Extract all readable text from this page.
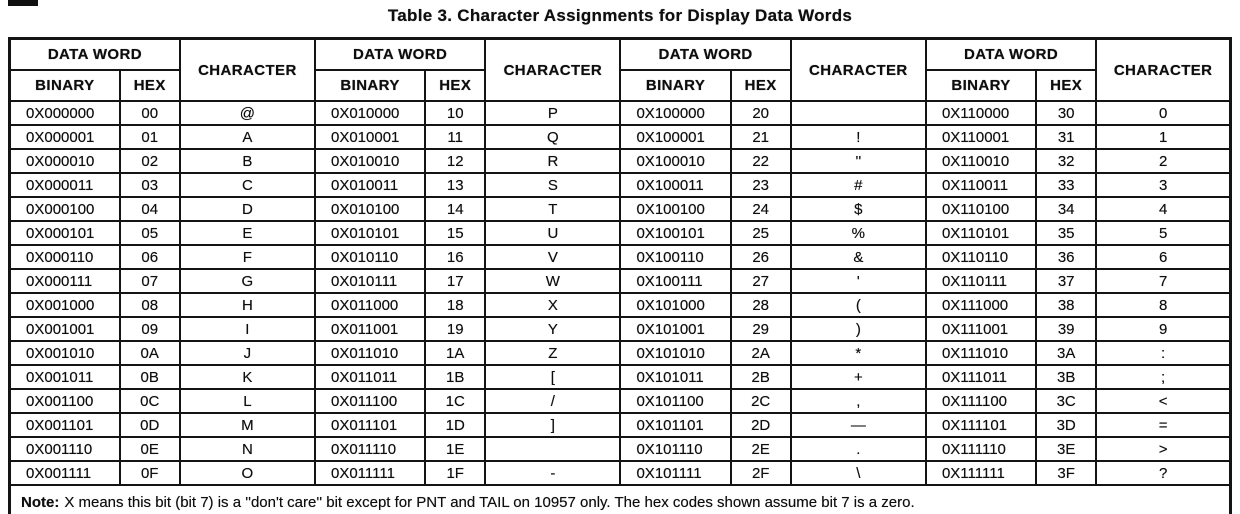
Table 3. Character Assignments for Display Data Words
DATA WORD		CHARACTER	DATA WORD		CHARACTER	DATA WORD		CHARACTER	DATA WORD		CHARACTER
BINARY	HEX		BINARY	HEX		BINARY	HEX		BINARY	HEX	
0X000000	00	@	0X010000	10	P	0X100000	20		0X110000	30	0
0X000001	01	A	0X010001	11	Q	0X100001	21	!	0X110001	31	1
0X000010	02	B	0X010010	12	R	0X100010	22	''	0X110010	32	2
0X000011	03	C	0X010011	13	S	0X100011	23	#	0X110011	33	3
0X000100	04	D	0X010100	14	T	0X100100	24	$	0X110100	34	4
0X000101	05	E	0X010101	15	U	0X100101	25	%	0X110101	35	5
0X000110	06	F	0X010110	16	V	0X100110	26	&	0X110110	36	6
0X000111	07	G	0X010111	17	W	0X100111	27	'	0X110111	37	7
0X001000	08	H	0X011000	18	X	0X101000	28	(	0X111000	38	8
0X001001	09	I	0X011001	19	Y	0X101001	29	)	0X111001	39	9
0X001010	0A	J	0X011010	1A	Z	0X101010	2A	*	0X111010	3A	:
0X001011	0B	K	0X011011	1B	[	0X101011	2B	+	0X111011	3B	;
0X001100	0C	L	0X011100	1C	/	0X101100	2C	,	0X111100	3C	<
0X001101	0D	M	0X011101	1D	]	0X101101	2D	—	0X111101	3D	=
0X001110	0E	N	0X011110	1E		0X101110	2E	.	0X111110	3E	>
0X001111	0F	O	0X011111	1F	-	0X101111	2F	\	0X111111	3F	?
Note: X means this bit (bit 7) is a ''don't care'' bit except for PNT and TAIL on 10957 only. The hex codes shown assume bit 7 is a zero.											
